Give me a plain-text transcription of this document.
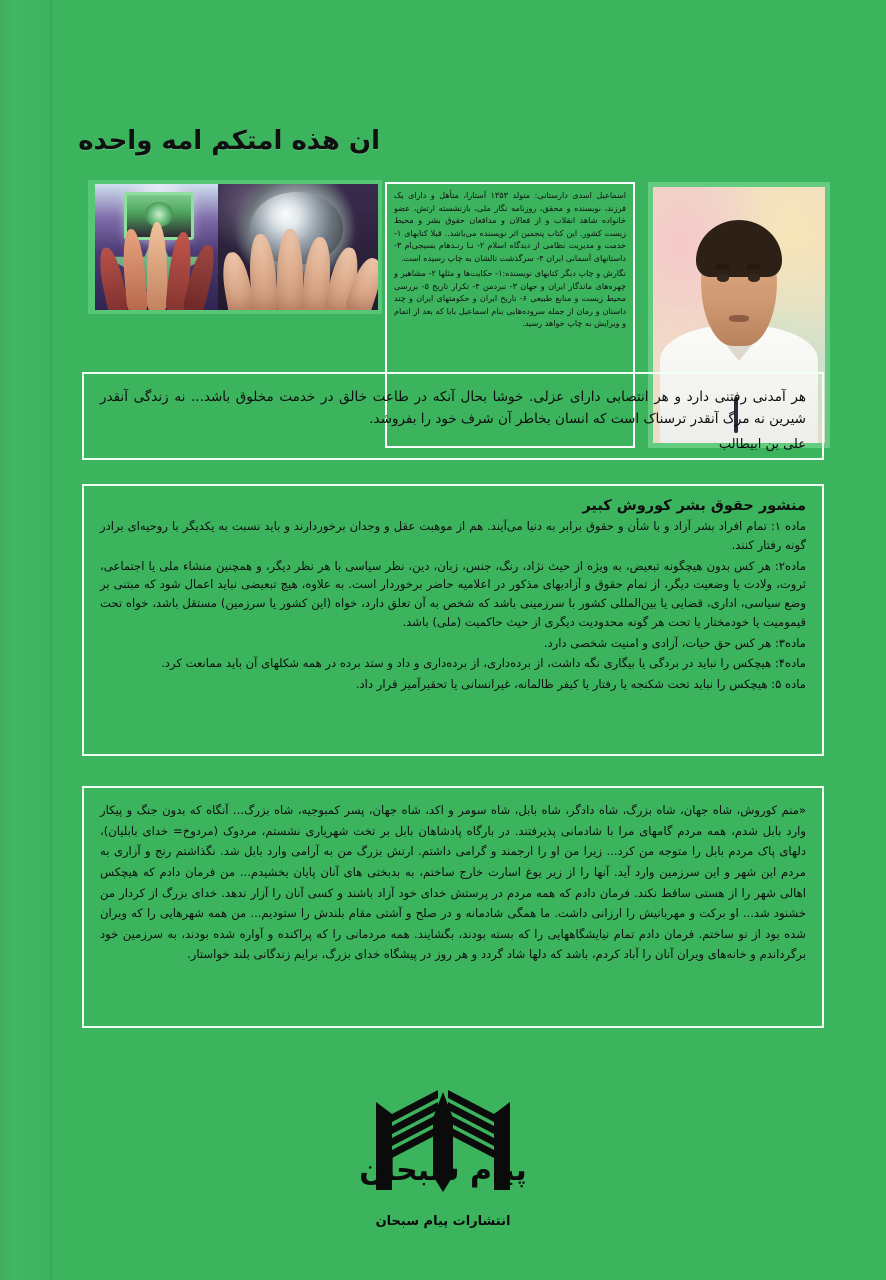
ان هذه امتكم امه واحده

اسماعیل اسدی دارستانی: متولد ۱۳۵۳ آستارا، متأهل و دارای یک فرزند، نویسنده و محقق، روزنامه نگار ملی، بازنشسته ارتش، عضو خانواده شاهد انقلاب و از فعالان و مدافعان حقوق بشر و محیط زیست کشور. این کتاب پنجمین اثر نویسنده می‌باشد.. قبلا کتابهای ۱- خدمت و مدیریت نظامی از دیدگاه اسلام ۲- نـا رنـدهام بسیجی‌ام ۳- داستانهای آسمانی ایران ۴- سرگذشت تالشان به چاپ رسیده است.

نگارش و چاپ دیگر کتابهای نویسنده:۱- حکایت‌ها و مثلها ۲- مشاهیر و چهره‌های ماندگار ایران و جهان ۳- نبردمن ۴- تکرار تاریخ ۵- بررسی محیط زیست و منابع طبیعی ۶- تاریخ ایران و حکومتهای ایران و چند داستان و رمان از جمله سروده‌هایی بنام اسماعیل بابا که بعد از اتمام و ویرایش به چاپ خواهد رسید.

هر آمدنی رفتنی دارد و هر انتصابی دارای عزلی. خوشا بحال آنکه در طاعت خالق در خدمت مخلوق باشد... نه زندگی آنقدر شیرین نه مرگ آنقدر ترسناک است که انسان بخاطر آن شرف خود را بفروشد.

علی بن ابیطالب

منشور حقوق بشر کوروش کبیر

ماده ۱: تمام افراد بشر آزاد و با شأن و حقوق برابر به دنیا می‌آیند. هم از موهبت عقل و وجدان برخوردارند و باید نسبت به یکدیگر با روحیه‌ای برادر گونه رفتار کنند.

ماده۲: هر کس بدون هیچگونه تبعیض، به ویژه از حیث نژاد، رنگ، جنس، زبان، دین، نظر سیاسی با هر نظر دیگر، و همچنین منشاء ملی یا اجتماعی، ثروت، ولادت یا وضعیت دیگر، از تمام حقوق و آزادیهای مذکور در اعلامیه حاضر برخوردار است. به علاوه، هیچ تبعیضی نباید اعمال شود که مبتنی بر وضع سیاسی، اداری، قضایی یا بین‌المللی کشور با سرزمینی باشد که شخص به آن تعلق دارد، خواه (این کشور یا سرزمین) مستقل باشد، خواه تحت قیمومیت یا خودمختار یا تحت هر گونه محدودیت دیگری از حیث حاکمیت (ملی) باشد.

ماده۳: هر کس حق حیات، آزادی و امنیت شخصی دارد.

ماده۴: هیچکس را نباید در بردگی یا بیگاری نگه داشت، از برده‌داری، از برده‌داری و داد و ستد برده در همه شکلهای آن باید ممانعت کرد.

ماده ۵: هیچکس را نباید تحت شکنجه یا رفتار یا کیفر ظالمانه، غیرانسانی یا تحقیرآمیز قرار داد.

«منم کوروش، شاه جهان، شاه بزرگ، شاه دادگر، شاه بابل، شاه سومر و اکد، شاه جهان، پسر کمبوجیه، شاه بزرگ... آنگاه که بدون جنگ و پیکار وارد بابل شدم، همه مردم گامهای مرا با شادمانی پذیرفتند. در بارگاه پادشاهان بابل بر تخت شهریاری نشستم، مردوک (مردوخ= خدای بابلیان)، دلهای پاک مردم بابل را متوجه من کرد... زیرا من او را ارجمند و گرامی داشتم. ارتش بزرگ من به آرامی وارد بابل شد. نگذاشتم رنج و آزاری به مردم این شهر و این سرزمین وارد آید. آنها را از زیر یوغ اسارت خارج ساختم، به بدبختی های آنان پایان بخشیدم... من فرمان دادم که هیچکس اهالی شهر را از هستی ساقط نکند. فرمان دادم که همه مردم در پرستش خدای خود آزاد باشند و کسی آنان را آزار ندهد. خدای بزرگ از کردار من خشنود شد... او برکت و مهربانیش را ارزانی داشت. ما همگی شادمانه و در صلح و آشتی مقام بلندش را ستودیم... من همه شهرهایی را که ویران شده بود از نو ساختم. فرمان دادم تمام نیایشگاههایی را که بسته بودند، بگشایند. همه مردمانی را که پراکنده و آواره شده بودند، به سرزمین خود برگرداندم و خانه‌های ویران آنان را آباد کردم، باشد که دلها شاد گردد و هر روز در پیشگاه خدای بزرگ، برایم زندگانی بلند خواستار.

پیام سبحان
انتشارات پیام سبحان
